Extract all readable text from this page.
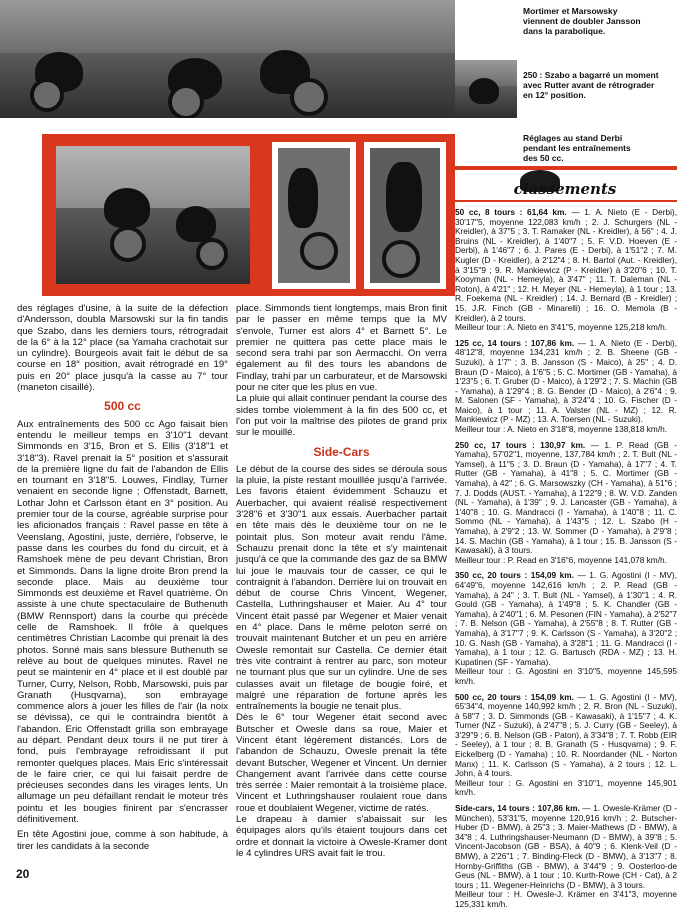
Mortimer et Marsowsky
viennent de doubler Jansson
dans la parabolique.
250 : Szabo a bagarré un moment
avec Rutter avant de rétrograder
en 12° position.
Réglages au stand Derbi
pendant les entraînements
des 50 cc.
classements

des réglages d'usine, à la suite de la défection d'Andersson, doubla Marsowski sur la fin tandis que Szabo, dans les derniers tours, rétrogradait de la 6° à la 12° place (sa Yamaha crachotait sur un cylindre). Bourgeois avait fait le début de sa course en 18° position, avait rétrogradé en 19° puis en 20° place jusqu'à la casse au 7° tour (maneton cisaillé).

500 cc

Aux entraînements des 500 cc Ago faisait bien entendu le meilleur temps en 3'10"1 devant Simmonds en 3'15, Bron et S. Ellis (3'18"1 et 3'18"3). Ravel prenait la 5° position et s'assurait de la première ligne du fait de l'abandon de Ellis en tournant en 3'18"5. Louwes, Findlay, Turner venaient en seconde ligne ; Offenstadt, Barnett, Lothar John et Carlsson étant en 3° position. Au premier tour de la course, agréable surprise pour les aficionados français : Ravel passe en tête à Veenslang, Agostini, juste, derrière, l'observe, le passe dans les courbes du fond du circuit, et à Ramshoek mène de peu devant Christian, Bron et Simmonds. Dans la ligne droite Bron prend la seconde place. Mais au deuxième tour Simmonds est deuxième et Ravel quatrième. On assiste à une chute spectaculaire de Buthenuth (BMW Rennsport) dans la courbe qui précède celle de Ramshoek. Il frôle à quelques centimètres Christian Lacombe qui prenait là des photos. Sonné mais sans blessure Buthenuth se relève au bout de quelques minutes. Ravel ne peut se maintenir en 4° place et il est doublé par Turner, Curry, Nelson, Robb, Marsowski, puis par Granath (Husqvarna), son embrayage commence alors à jouer les filles de l'air (la noix se dévissa), ce qui le contraindra bientôt à l'abandon. Eric Offenstadt grilla son embrayage au départ. Pendant deux tours il ne put tirer à fond, puis l'embrayage refroidissant il put remonter quelques places. Mais Eric s'intéressait de le faire crier, ce qui lui faisait perdre de précieuses secondes dans les virages lents. Un allumage un peu défaillant rendait le moteur très pointu et les bougies finirent par s'encrasser définitivement.

En tête Agostini joue, comme à son habitude, à tirer les candidats à la seconde

place. Simmonds tient longtemps, mais Bron finit par le passer en même temps que la MV s'envole, Turner est alors 4° et Barnett 5°. Le premier ne quittera pas cette place mais le second sera trahi par son Aermacchi. On verra également au fil des tours les abandons de Findlay, trahi par un carburateur, et de Marsowski pour ne citer que les plus en vue.

La pluie qui allait continuer pendant la course des sides tombe violemment à la fin des 500 cc, et l'on put voir la maîtrise des pilotes de grand prix sur le mouillé.

Side-Cars

Le début de la course des sides se déroula sous la pluie, la piste restant mouillée jusqu'à l'arrivée. Les favoris étaient évidemment Schauzu et Auerbacher, qui avaient réalisé respectivement 3'28"6 et 3'30"1 aux essais. Auerbacher partait en tête mais dès le deuxième tour on ne le pointait plus. Son moteur avait rendu l'âme. Schauzu prenait donc la tête et s'y maintenait jusqu'à ce que la commande des gaz de sa BMW lui joue le mauvais tour de casser, ce qui le contraignit à l'abandon. Derrière lui on trouvait en début de course Chris Vincent, Wegener, Castella, Luthringshauser et Maier. Au 4° tour Vincent était passé par Wegener et Maier venait en 4° place. Dans le même peloton serré on trouvait maintenant Butcher et un peu en arrière Owesle remontait sur Castella. Ce dernier était très vite contraint à rentrer au parc, son moteur ne tournant plus que sur un cylindre. Une de ses culasses avait un filetage de bougie foiré, et malgré une réparation de fortune après les entraînements la bougie ne tenait plus.

Dès le 6° tour Wegener était second avec Butscher et Owesle dans sa roue, Maier et Vincent étant légèrement distancés. Lors de l'abandon de Schauzu, Owesle prenait la tête devant Butscher, Wegener et Vincent. Un dernier Changement avant l'arrivée dans cette course très serrée : Maier remontait à la troisième place. Vincent et Luthringshauser roulaient roue dans roue et doublaient Wegener, victime de ratés.

Le drapeau à damier s'abaissait sur les équipages alors qu'ils étaient toujours dans cet ordre et donnait la victoire à Owesle-Kramer dont le 4 cylindres URS avait fait le trou.

50 cc, 8 tours : 61,64 km. — 1. A. Nieto (E - Derbi), 30'17"5, moyenne 122,083 km/h ; 2. J. Schurgers (NL - Kreidler), à 37"5 ; 3. T. Ramaker (NL - Kreidler), à 56" ; 4. J. Bruins (NL - Kreidler), à 1'40"7 ; 5. F. V.D. Hoeven (E - Derbi), à 1'46"7 ; 6. J. Pares (E - Derbi), à 1'51"2 ; 7. M. Kugler (D - Kreidler), à 2'12"4 ; 8. H. Bartol (Aut. - Kreidler), à 3'15"9 ; 9. R. Mankiewicz (P - Kreidler) à 3'20"6 ; 10. T. Kooyman (NL - Hemeyla), à 3'47" ; 11. T. Daleman (NL - Roton), à 4'21" ; 12. H. Meyer (NL - Hemeyla), à 1 tour ; 13. R. Foekema (NL - Kreidler) ; 14. J. Bernard (B - Kreidler) ; 15. J.R. Finch (GB - Minarelli) ; 16. O. Memola (B - Kreidler), à 2 tours.
Meilleur tour : A. Nieto en 3'41"5, moyenne 125,218 km/h.

125 cc, 14 tours : 107,86 km. — 1. A. Nieto (E - Derbi), 48'12"8, moyenne 134,231 km/h ; 2. B. Sheene (GB - Suzuki), à 1'7" ; 3. B. Jansson (S - Maico), à 25" ; 4. D. Braun (D - Maico), à 1'6"5 ; 5. C. Mortimer (GB - Yamaha), à 1'23"5 ; 6. T. Gruber (D - Maico), à 1'29"2 ; 7. S. Machin (GB - Yamaha), à 1'29"4 ; 8. G. Bender (D - Maico), à 2'6"4 ; 9. M. Salonen (SF - Yamaha), à 3'24"4 ; 10. G. Fischer (D - Maico), à 1 tour ; 11. A. Valster (NL - MZ) ; 12. R. Mankiewicz (P - MZ) ; 13. A. Toersen (NL - Suzuki).
Meilleur tour : A. Nieto en 3'18"8, moyenne 138,818 km/h.

250 cc, 17 tours : 130,97 km. — 1. P. Read (GB - Yamaha), 57'02"1, moyenne, 137,784 km/h ; 2. T. Bult (NL - Yamsel), à 11"5 ; 3. D. Braun (D - Yamaha), à 17"7 ; 4. T. Rutter (GB - Yamaha), à 41"8 ; 5. C. Mortimer (GB - Yamaha), à 42" ; 6. G. Marsowszky (CH - Yamaha), à 51"6 ; 7. J. Dodds (AUST. - Yamaha), à 1'22"9 ; 8. W. V.D. Zanden (NL - Yamaha), à 1'39" ; 9. J. Lancaster (GB - Yamaha), à 1'40"8 ; 10. G. Mandracci (I - Yamaha), à 1'40"8 ; 11. C. Sommo (NL - Yamaha), à 1'43"5 ; 12. L. Szabo (H - Yamaha), à 2'9"2 ; 13. W. Sommer (D - Yamaha), à 2'9"8 ; 14. S. Machin (GB - Yamaha), à 1 tour ; 15. B. Jansson (S - Kawasaki), à 3 tours.
Meilleur tour : P. Read en 3'16"6, moyenne 141,078 km/h.

350 cc, 20 tours : 154,09 km. — 1. G. Agostini (I - MV), 64'49"6, moyenne 142,616 km/h ; 2. P. Read (GB - Yamaha), à 24" ; 3. T. Bult (NL - Yamsel), à 1'30"1 ; 4. R. Gould (GB - Yamaha), à 1'49"8 ; 5. K. Chandler (GB - Yamaha), à 2'40"1 ; 6. M. Pesonen (FIN - Yamaha), à 2'52"7 ; 7. B. Nelson (GB - Yamaha), à 2'55"8 ; 8. T. Rutter (GB - Yamaha), à 3'17"7 ; 9. K. Carlsson (S - Yamaha), à 3'20"2 ; 10. G. Nash (GB - Yamaha), à 3'28"1 ; 11. G. Mandracci (I - Yamaha), à 1 tour ; 12. G. Bartusch (RDA - MZ) ; 13. H. Kupatinen (SF - Yamaha).
Meilleur tour : G. Agostini en 3'10"5, moyenne 145,595 km/h.

500 cc, 20 tours : 154,09 km. — 1. G. Agostini (I - MV), 65'34"4, moyenne 140,992 km/h ; 2. R. Bron (NL - Suzuki), à 58"7 ; 3. D. Simmonds (GB - Kawasaki), à 1'15"7 ; 4. K. Turner (NZ - Suzuki), à 2'47"8 ; 5. J. Curry (GB - Seeley), à 3'29"9 ; 6. B. Nelson (GB - Paton), à 3'34"8 ; 7. T. Robb (EIR - Seeley), à 1 tour ; 8. B. Granath (S - Husqvarna) ; 9. F. Eickelberg (D - Yamaha) ; 10. R. Noordander (NL - Norton Manx) ; 11. K. Carlsson (S - Yamaha), à 2 tours ; 12. L. John, à 4 tours.
Meilleur tour : G. Agostini en 3'10"1, moyenne 145,901 km/h.

Side-cars, 14 tours : 107,86 km. — 1. Owesle-Krämer (D - München), 53'31"5, moyenne 120,916 km/h ; 2. Butscher-Huber (D - BMW), à 25"3 ; 3. Maier-Mathews (D - BMW), à 34"8 ; 4. Luthringshauser-Neumann (D - BMW), à 39"8 ; 5. Vincent-Jacobson (GB - BSA), à 40"9 ; 6. Klenk-Veil (D - BMW), à 2'26"1 ; 7. Binding-Fleck (D - BMW), à 3'13"7 ; 8. Hornby-Griffiths (GB - BMW), à 3'44"9 ; 9. Oosterloo-de Geus (NL - BMW), à 1 tour ; 10. Kurth-Rowe (CH - Cat), à 2 tours ; 11. Wegener-Heinrichs (D - BMW), à 3 tours.
Meilleur tour : H. Owesle-J. Krämer en 3'41"3, moyenne 125,331 km/h.

20
